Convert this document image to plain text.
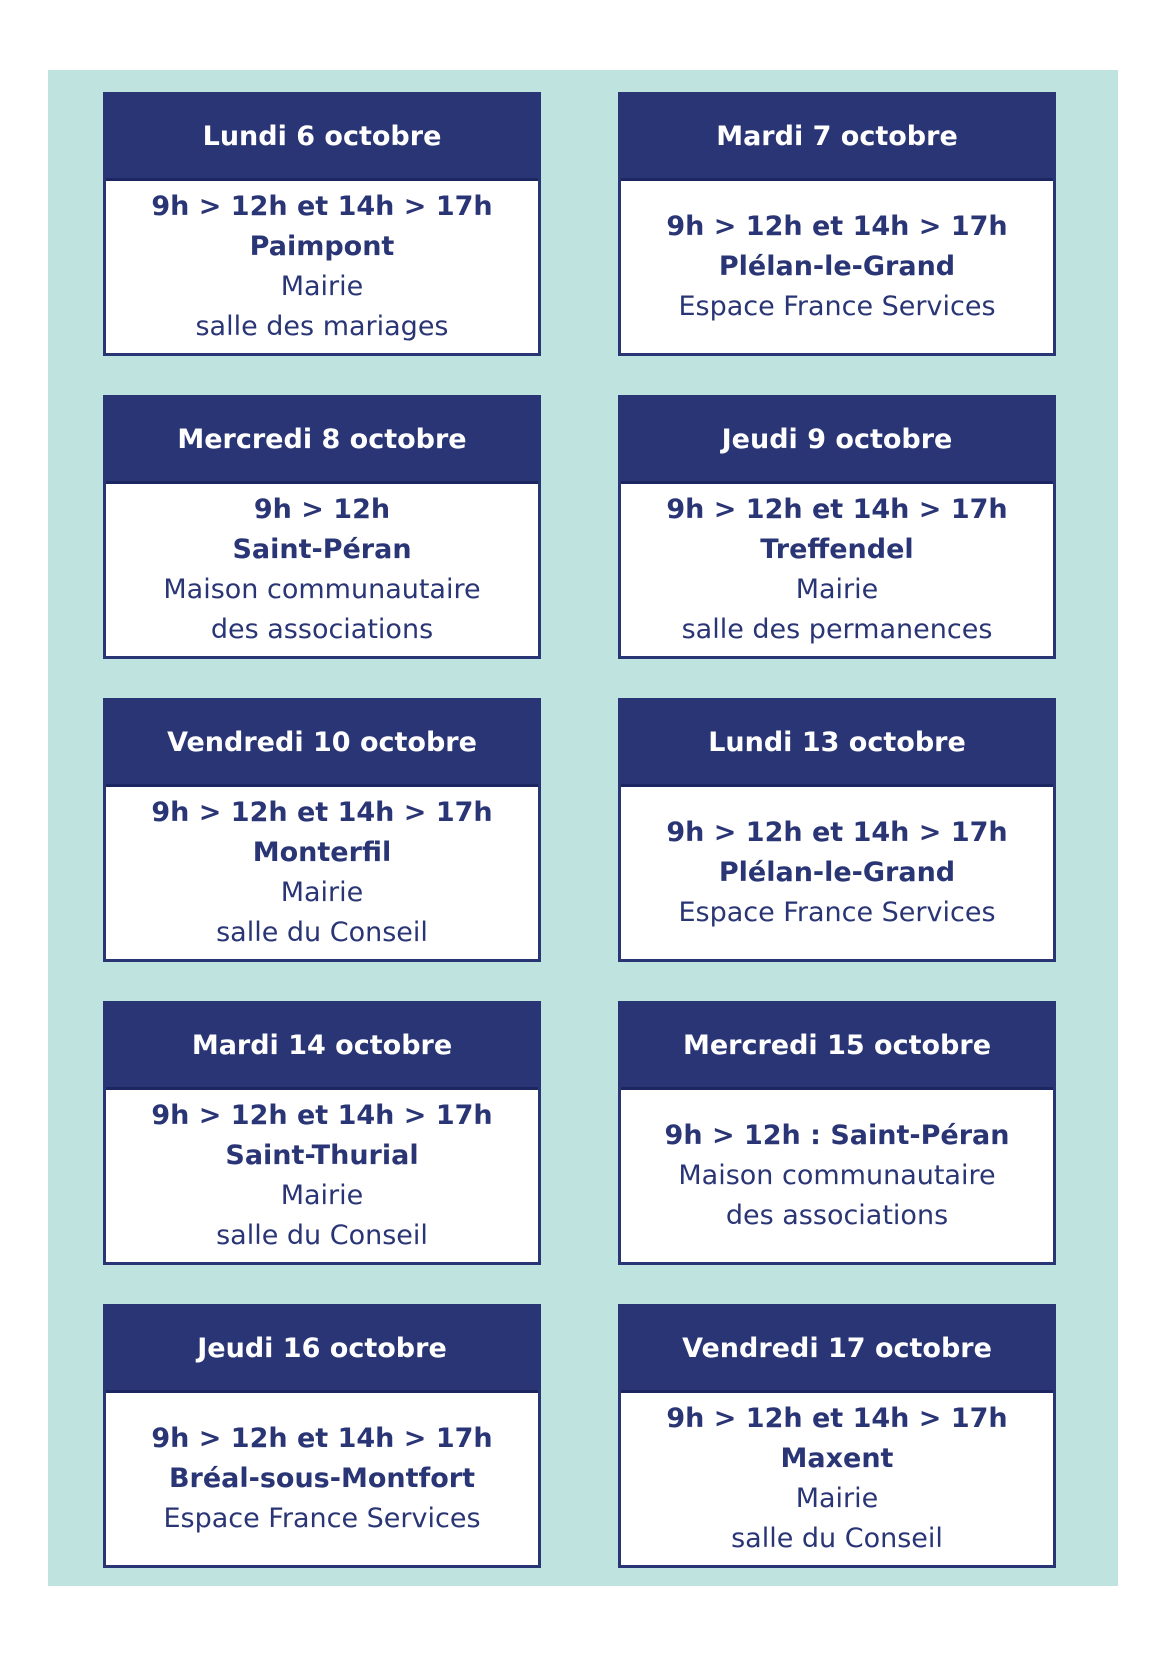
Lundi 6 octobre
9h > 12h et 14h > 17h
Paimpont
Mairie
salle des mariages
Mardi 7 octobre
9h > 12h et 14h > 17h
Plélan-le-Grand
Espace France Services
Mercredi 8 octobre
9h > 12h
Saint-Péran
Maison communautaire
des associations
Jeudi 9 octobre
9h > 12h et 14h > 17h
Treffendel
Mairie
salle des permanences
Vendredi 10 octobre
9h > 12h et 14h > 17h
Monterfil
Mairie
salle du Conseil
Lundi 13 octobre
9h > 12h et 14h > 17h
Plélan-le-Grand
Espace France Services
Mardi 14 octobre
9h > 12h et 14h > 17h
Saint-Thurial
Mairie
salle du Conseil
Mercredi 15 octobre
9h > 12h : Saint-Péran
Maison communautaire
des associations
Jeudi 16 octobre
9h > 12h et 14h > 17h
Bréal-sous-Montfort
Espace France Services
Vendredi 17 octobre
9h > 12h et 14h > 17h
Maxent
Mairie
salle du Conseil
